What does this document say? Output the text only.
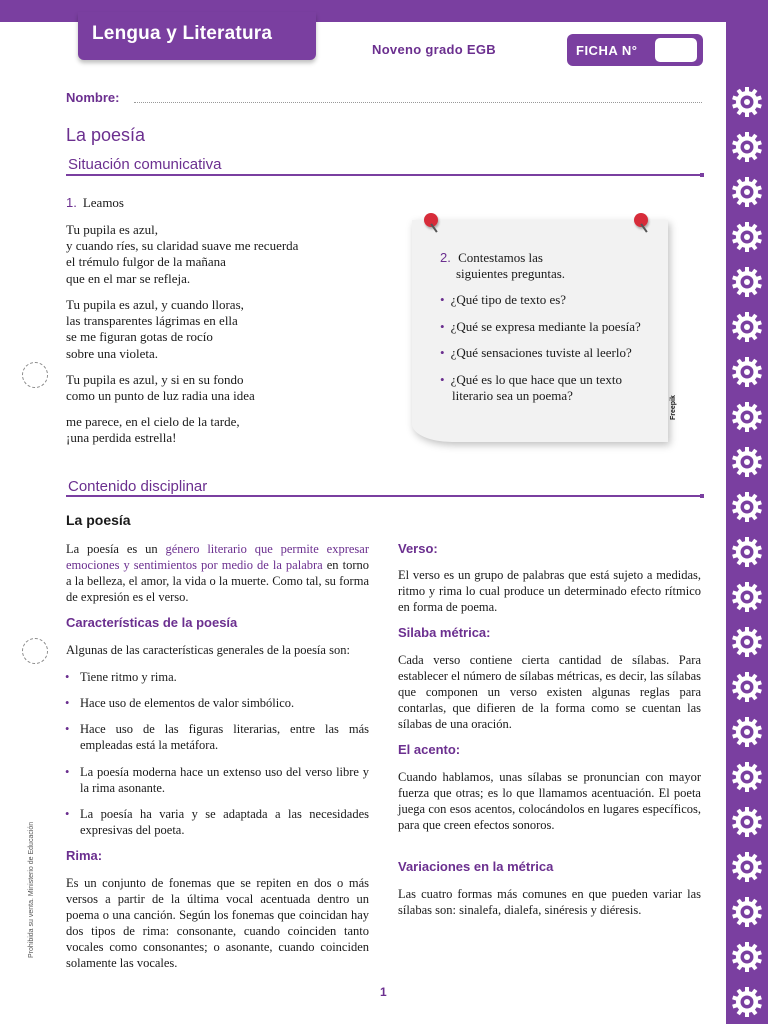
Lengua y Literatura
Noveno grado EGB	FICHA N°
Nombre:
La poesía
Situación comunicativa
1. Leamos
Tu pupila es azul,
y cuando ríes, su claridad suave me recuerda
el trémulo fulgor de la mañana
que en el mar se refleja.
Tu pupila es azul, y cuando lloras,
las transparentes lágrimas en ella
se me figuran gotas de rocío
sobre una violeta.
Tu pupila es azul, y si en su fondo
como un punto de luz radia una idea
me parece, en el cielo de la tarde,
¡una perdida estrella!
2. Contestamos las
siguientes preguntas.
• ¿Qué tipo de texto es?
• ¿Qué se expresa mediante la poesía?
• ¿Qué sensaciones tuviste al leerlo?
• ¿Qué es lo que hace que un texto
literario sea un poema?	Freepik
Contenido disciplinar
La poesía
La poesía es un género literario que permite expresar emociones y sentimientos por medio de la palabra en torno a la belleza, el amor, la vida o la muerte. Como tal, su forma de expresión es el verso.
Características de la poesía
Algunas de las características generales de la poesía son:
• Tiene ritmo y rima.
• Hace uso de elementos de valor simbólico.
• Hace uso de las figuras literarias, entre las más empleadas está la metáfora.
• La poesía moderna hace un extenso uso del verso libre y la rima asonante.
• La poesía ha varia y se adaptada a las necesidades expresivas del poeta.
Rima:
Es un conjunto de fonemas que se repiten en dos o más versos a partir de la última vocal acentuada dentro un poema o una canción. Según los fonemas que coincidan hay dos tipos de rima: consonante, cuando coinciden tanto vocales como consonantes; o asonante, cuando coinciden solamente las vocales.
Verso:
El verso es un grupo de palabras que está sujeto a medidas, ritmo y rima lo cual produce un determinado efecto rítmico en forma de poema.
Silaba métrica:
Cada verso contiene cierta cantidad de sílabas. Para establecer el número de sílabas métricas, es decir, las sílabas que componen un verso existen algunas reglas para contarlas, que difieren de la forma como se cuentan las sílabas de una oración.
El acento:
Cuando hablamos, unas sílabas se pronuncian con mayor fuerza que otras; es lo que llamamos acentuación. El poeta juega con esos acentos, colocándolos en lugares específicos, para que creen efectos sonoros.
Variaciones en la métrica
Las cuatro formas más comunes en que pueden variar las sílabas son: sinalefa, dialefa, sinéresis y diéresis.
Prohibida su venta. Ministerio de Educación
1
